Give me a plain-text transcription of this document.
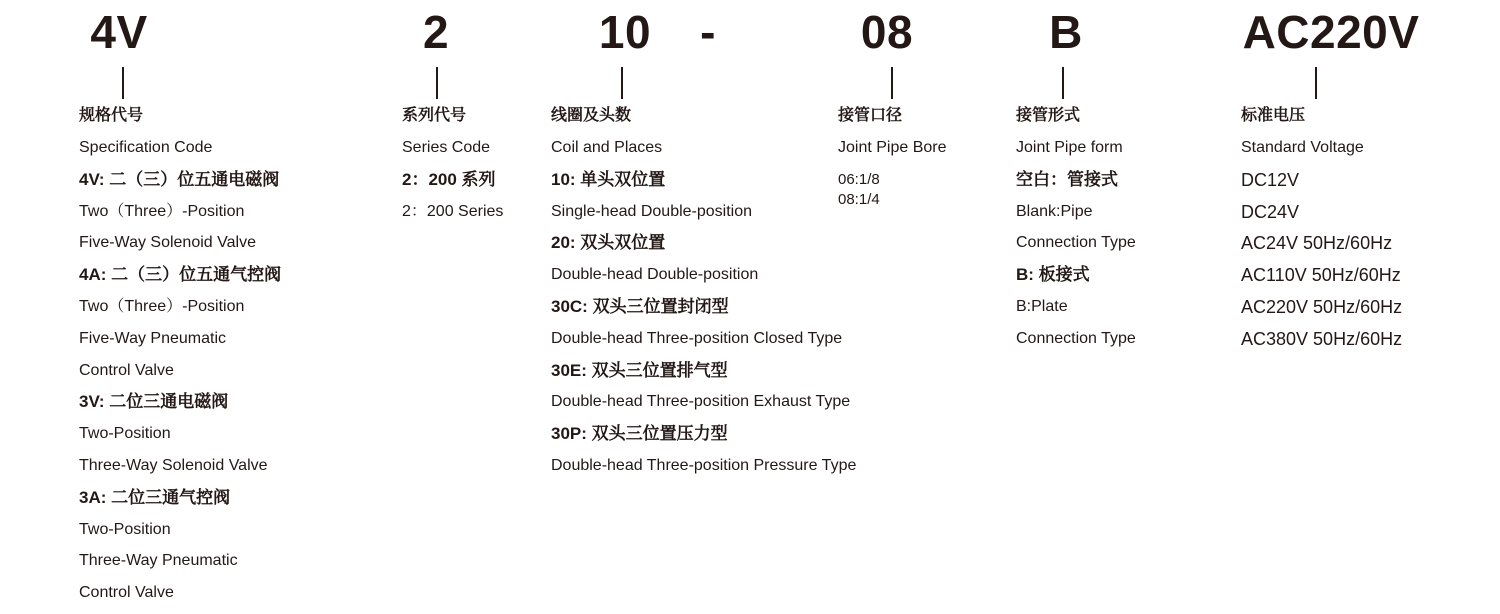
4V	2	10 -	08	B	AC220V
规格代号
Specification Code
4V: 二（三）位五通电磁阀
Two（Three）-Position
Five-Way Solenoid Valve
4A: 二（三）位五通气控阀
Two（Three）-Position
Five-Way Pneumatic
Control Valve
3V: 二位三通电磁阀
Two-Position
Three-Way Solenoid Valve
3A: 二位三通气控阀
Two-Position
Three-Way Pneumatic
Control Valve
系列代号
Series Code
2：200 系列
2：200 Series
线圈及头数
Coil and Places
10: 单头双位置
Single-head Double-position
20: 双头双位置
Double-head Double-position
30C: 双头三位置封闭型
Double-head Three-position Closed Type
30E: 双头三位置排气型
Double-head Three-position Exhaust Type
30P: 双头三位置压力型
Double-head Three-position Pressure Type
接管口径
Joint Pipe Bore
06:1/8
08:1/4
接管形式
Joint Pipe form
空白：管接式
Blank:Pipe
Connection Type
B: 板接式
B:Plate
Connection Type
标准电压
Standard Voltage
DC12V
DC24V
AC24V 50Hz/60Hz
AC110V 50Hz/60Hz
AC220V 50Hz/60Hz
AC380V 50Hz/60Hz
